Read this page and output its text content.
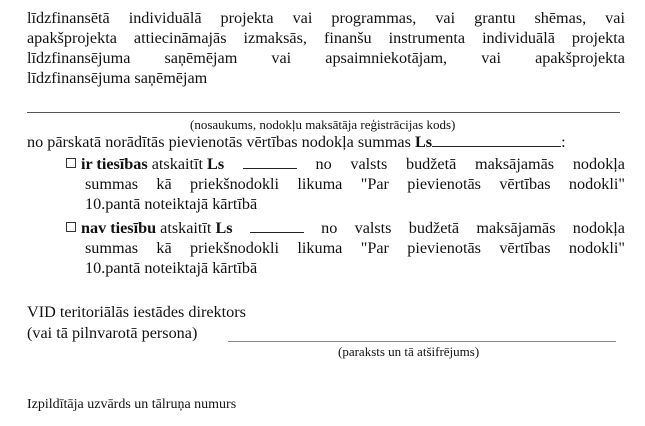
līdzfinansētā individuālā projekta vai programmas, vai grantu shēmas, vai
apakšprojekta attiecināmajās izmaksās, finanšu instrumenta individuālā projekta
līdzfinansējuma saņēmējam vai apsaimniekotājam, vai apakšprojekta
līdzfinansējuma saņēmējam
(nosaukums, nodokļu maksātāja reģistrācijas kods)
no pārskatā norādītās pievienotās vērtības nodokļa summas Ls	:
ir tiesības atskaitīt Ls	no valsts budžetā maksājamās nodokļa
summas kā priekšnodokli likuma "Par pievienotās vērtības nodokli"
10.pantā noteiktajā kārtībā
nav tiesību atskaitīt Ls	no valsts budžetā maksājamās nodokļa
summas kā priekšnodokli likuma "Par pievienotās vērtības nodokli"
10.pantā noteiktajā kārtībā
VID teritoriālās iestādes direktors
(vai tā pilnvarotā persona)
(paraksts un tā atšifrējums)
Izpildītāja uzvārds un tālruņa numurs
